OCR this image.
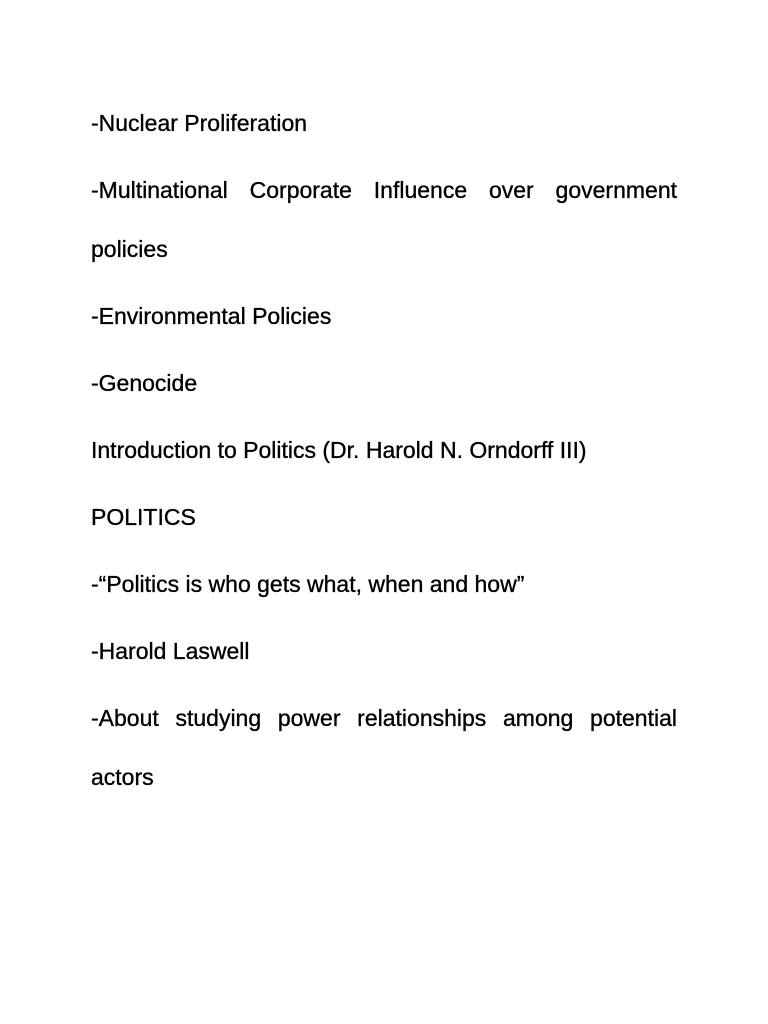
-Nuclear Proliferation

-Multinational Corporate Influence over government policies

-Environmental Policies

-Genocide

Introduction to Politics (Dr. Harold N. Orndorff III)

POLITICS

-“Politics is who gets what, when and how”

-Harold Laswell

-About studying power relationships among potential actors
